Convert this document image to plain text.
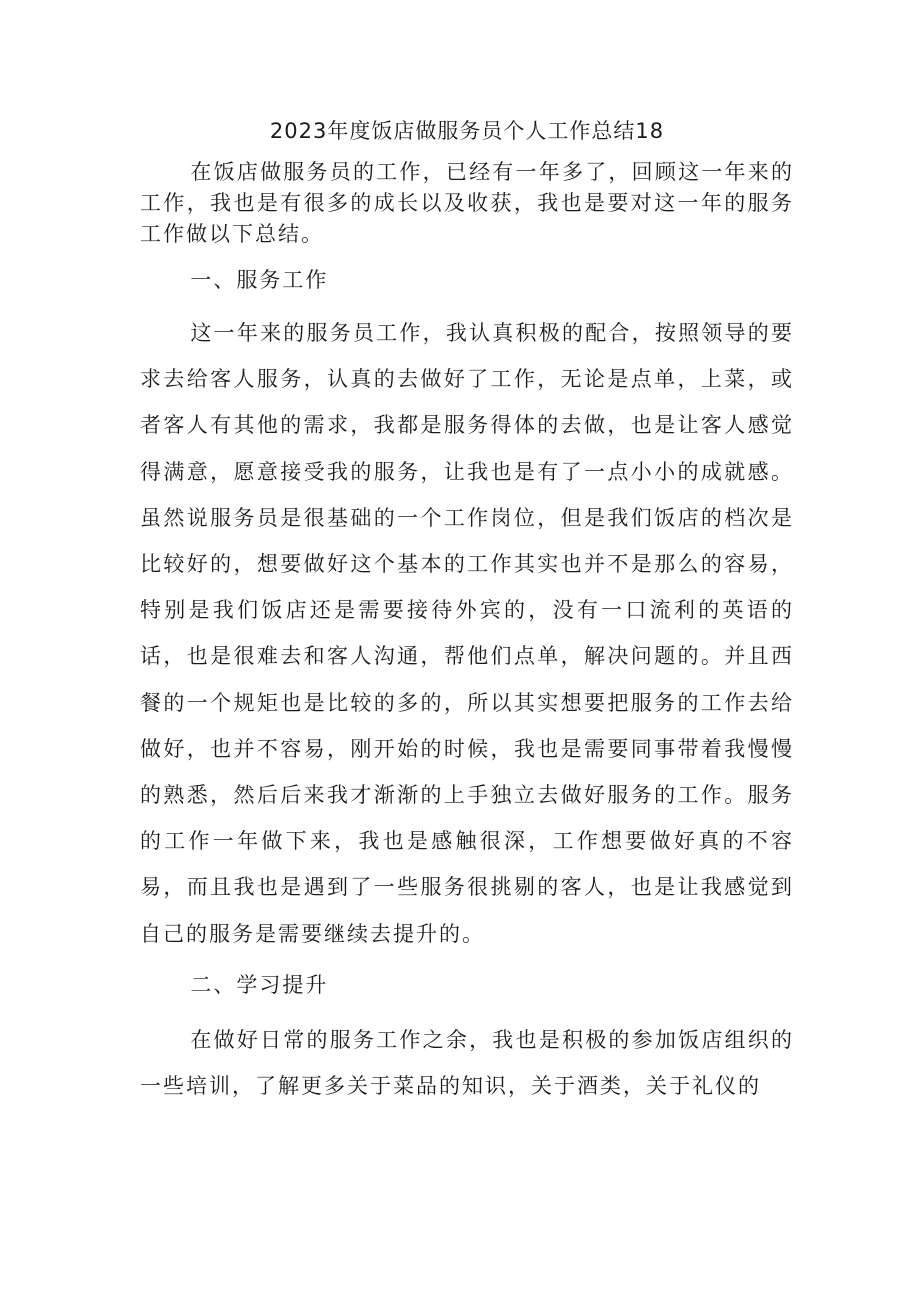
2023年度饭店做服务员个人工作总结18

在饭店做服务员的工作，已经有一年多了，回顾这一年来的工作，我也是有很多的成长以及收获，我也是要对这一年的服务工作做以下总结。

一、服务工作

这一年来的服务员工作，我认真积极的配合，按照领导的要求去给客人服务，认真的去做好了工作，无论是点单，上菜，或者客人有其他的需求，我都是服务得体的去做，也是让客人感觉得满意，愿意接受我的服务，让我也是有了一点小小的成就感。虽然说服务员是很基础的一个工作岗位，但是我们饭店的档次是比较好的，想要做好这个基本的工作其实也并不是那么的容易，特别是我们饭店还是需要接待外宾的，没有一口流利的英语的话，也是很难去和客人沟通，帮他们点单，解决问题的。并且西餐的一个规矩也是比较的多的，所以其实想要把服务的工作去给做好，也并不容易，刚开始的时候，我也是需要同事带着我慢慢的熟悉，然后后来我才渐渐的上手独立去做好服务的工作。服务的工作一年做下来，我也是感触很深，工作想要做好真的不容易，而且我也是遇到了一些服务很挑剔的客人，也是让我感觉到自己的服务是需要继续去提升的。

二、学习提升

在做好日常的服务工作之余，我也是积极的参加饭店组织的一些培训，了解更多关于菜品的知识，关于酒类，关于礼仪的
